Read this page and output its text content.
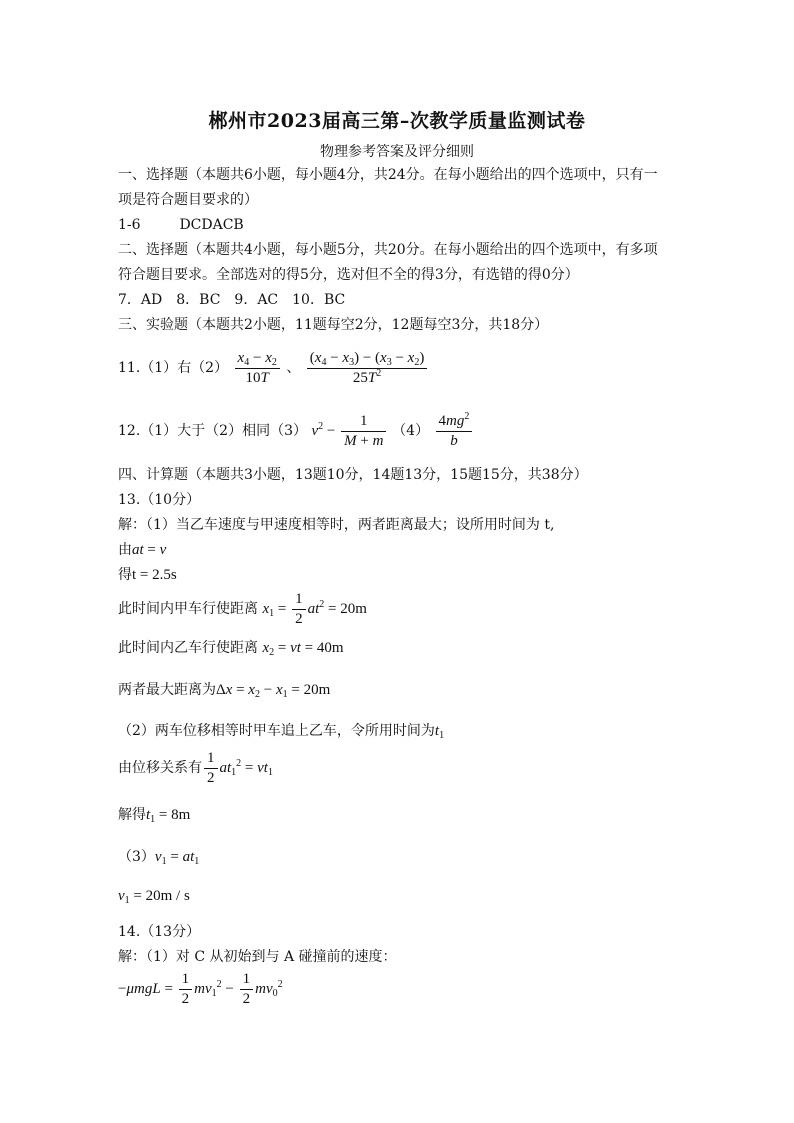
郴州市2023届高三第–次教学质量监测试卷
物理参考答案及评分细则
一、选择题（本题共6小题，每小题4分，共24分。在每小题给出的四个选项中，只有一
项是符合题目要求的）
1-6	DCDACB
二、选择题（本题共4小题，每小题5分，共20分。在每小题给出的四个选项中，有多项
符合题目要求。全部选对的得5分，选对但不全的得3分，有选错的得0分）
7．AD　8．BC　9．AC　10．BC
三、实验题（本题共2小题，11题每空2分，12题每空3分，共18分）
11.（1）右$(2) \frac{x_4 - x_2}{10T}$ 、 $\frac{(x_4 - x_3) - (x_3 - x_2)}{25T^2}$
12.（1）大于（2）相同（3） $v^2 - \frac{1}{M + m} (4) \frac{4mg^2}{b}$
四、计算题（本题共3小题，13题10分，14题13分，15题15分，共38分）
13.（10分）
解：（1）当乙车速度与甲速度相等时，两者距离最大；设所用时间为 t,
由at = v
得t = 2.5s
此时间内甲车行使距离 $x_1 = \frac{1}{2} at^2 = 20m$
此时间内乙车行使距离 $x_2$ = vt = 40m
两者最大距离为$\Delta x = x_2 - x_1 = 20m$
（2）两车位移相等时甲车追上乙车，令所用时间为$t_1$
由位移关系有 $\frac{1}{2} at_1^2 = vt_1$
解得$t_1 = 8m$
$(3)v_1 = at_1$
$v_1 = 20m / s$
14.（13分）
解：（1）对 C 从初始到与 A 碰撞前的速度：
$-\mu mgL = \frac{1}{2} mv_1^2 - \frac{1}{2} mv_0^2$
